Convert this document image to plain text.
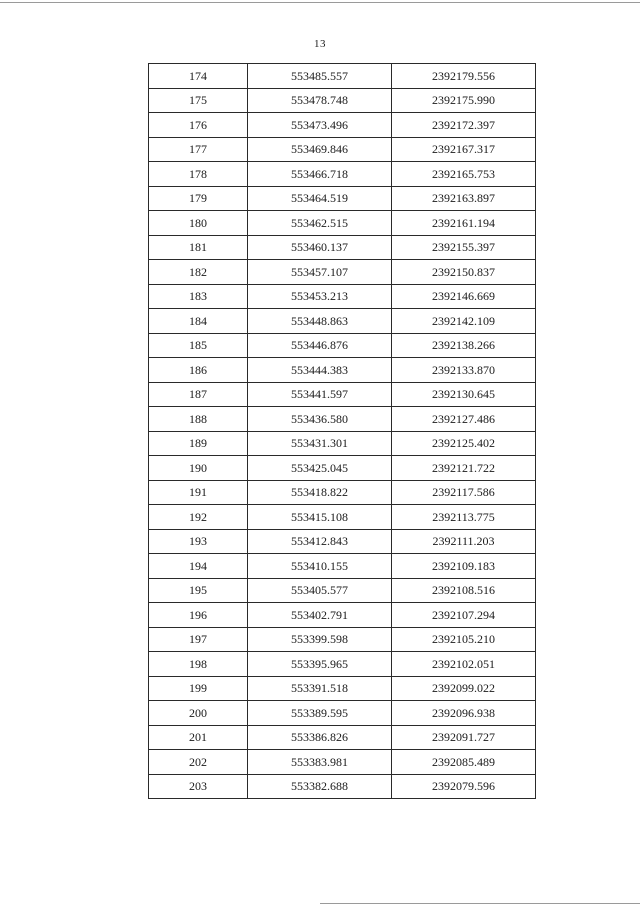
13
174	553485.557	2392179.556
175	553478.748	2392175.990
176	553473.496	2392172.397
177	553469.846	2392167.317
178	553466.718	2392165.753
179	553464.519	2392163.897
180	553462.515	2392161.194
181	553460.137	2392155.397
182	553457.107	2392150.837
183	553453.213	2392146.669
184	553448.863	2392142.109
185	553446.876	2392138.266
186	553444.383	2392133.870
187	553441.597	2392130.645
188	553436.580	2392127.486
189	553431.301	2392125.402
190	553425.045	2392121.722
191	553418.822	2392117.586
192	553415.108	2392113.775
193	553412.843	2392111.203
194	553410.155	2392109.183
195	553405.577	2392108.516
196	553402.791	2392107.294
197	553399.598	2392105.210
198	553395.965	2392102.051
199	553391.518	2392099.022
200	553389.595	2392096.938
201	553386.826	2392091.727
202	553383.981	2392085.489
203	553382.688	2392079.596
